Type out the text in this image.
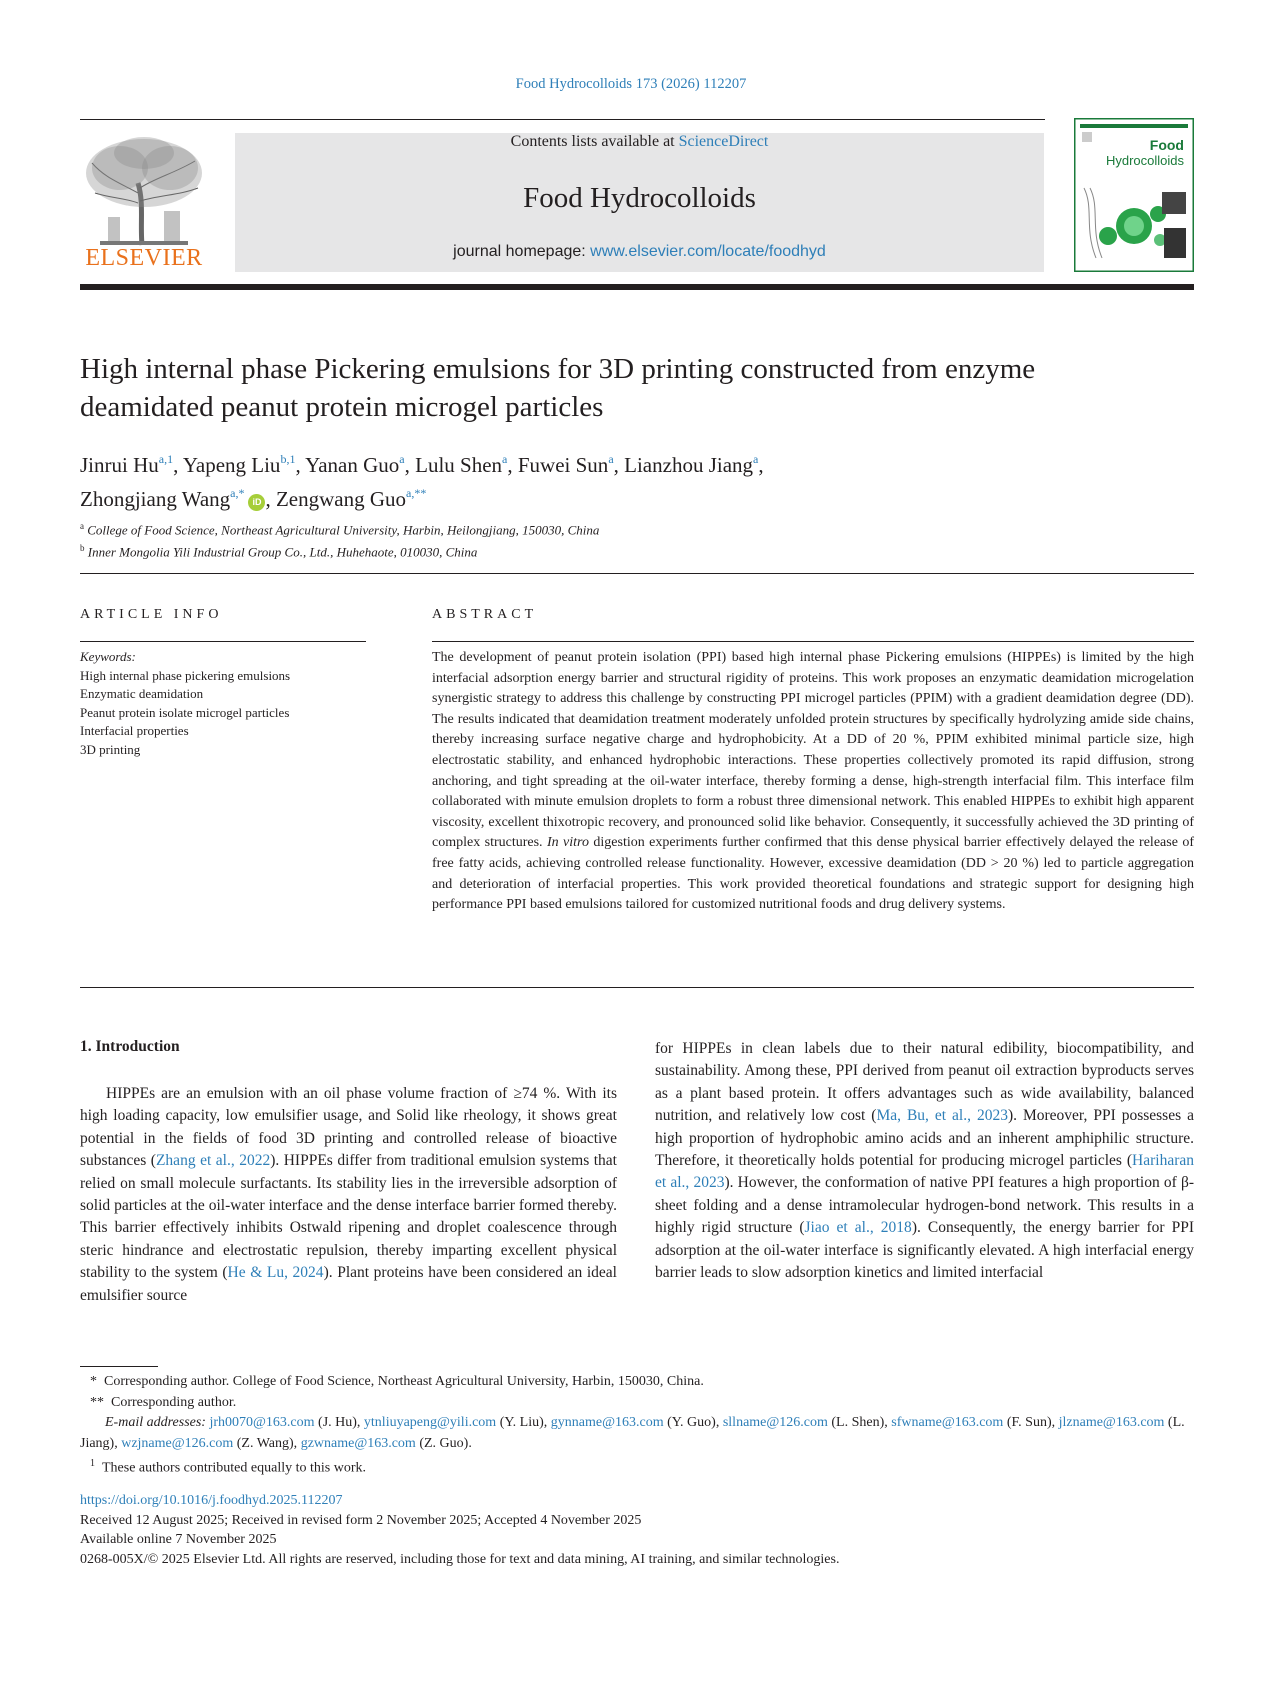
Food Hydrocolloids 173 (2026) 112207
ELSEVIER
Contents lists available at ScienceDirect
Food Hydrocolloids
journal homepage: www.elsevier.com/locate/foodhyd
Food
Hydrocolloids
High internal phase Pickering emulsions for 3D printing constructed from enzyme deamidated peanut protein microgel particles
Jinrui Hu$^{a,1}$, Yapeng Liu$^{b,1}$, Yanan Guo$^a$, Lulu Shen$^a$, Fuwei Sun$^a$, Lianzhou Jiang$^a$,
Zhongjiang Wang$^{a,*}$iD , Zengwang Guo$^{a,**}$
$^a$ College of Food Science, Northeast Agricultural University, Harbin, Heilongjiang, 150030, China
$^b$ Inner Mongolia Yili Industrial Group Co., Ltd., Huhehaote, 010030, China
ARTICLE INFO	ABSTRACT
Keywords:
High internal phase pickering emulsions
Enzymatic deamidation
Peanut protein isolate microgel particles
Interfacial properties
3D printing
The development of peanut protein isolation (PPI) based high internal phase Pickering emulsions (HIPPEs) is limited by the high interfacial adsorption energy barrier and structural rigidity of proteins. This work proposes an enzymatic deamidation microgelation synergistic strategy to address this challenge by constructing PPI microgel particles (PPIM) with a gradient deamidation degree (DD). The results indicated that deamidation treatment moderately unfolded protein structures by specifically hydrolyzing amide side chains, thereby increasing surface negative charge and hydrophobicity. At a DD of 20 %, PPIM exhibited minimal particle size, high electrostatic stability, and enhanced hydrophobic interactions. These properties collectively promoted its rapid diffusion, strong anchoring, and tight spreading at the oil-water interface, thereby forming a dense, high-strength interfacial film. This interface film collaborated with minute emulsion droplets to form a robust three dimensional network. This enabled HIPPEs to exhibit high apparent viscosity, excellent thixotropic recovery, and pronounced solid like behavior. Consequently, it successfully achieved the 3D printing of complex structures. In vitro digestion experiments further confirmed that this dense physical barrier effectively delayed the release of free fatty acids, achieving controlled release functionality. However, excessive deamidation (DD > 20 %) led to particle aggregation and deterioration of interfacial properties. This work provided theoretical foundations and strategic support for designing high performance PPI based emulsions tailored for customized nutritional foods and drug delivery systems.
1. Introduction
HIPPEs are an emulsion with an oil phase volume fraction of ≥74 %. With its high loading capacity, low emulsifier usage, and Solid like rheology, it shows great potential in the fields of food 3D printing and controlled release of bioactive substances (Zhang et al., 2022). HIPPEs differ from traditional emulsion systems that relied on small molecule surfactants. Its stability lies in the irreversible adsorption of solid particles at the oil-water interface and the dense interface barrier formed thereby. This barrier effectively inhibits Ostwald ripening and droplet coalescence through steric hindrance and electrostatic repulsion, thereby imparting excellent physical stability to the system (He & Lu, 2024). Plant proteins have been considered an ideal emulsifier source
for HIPPEs in clean labels due to their natural edibility, biocompatibility, and sustainability. Among these, PPI derived from peanut oil extraction byproducts serves as a plant based protein. It offers advantages such as wide availability, balanced nutrition, and relatively low cost (Ma, Bu, et al., 2023). Moreover, PPI possesses a high proportion of hydrophobic amino acids and an inherent amphiphilic structure. Therefore, it theoretically holds potential for producing microgel particles (Hariharan et al., 2023). However, the conformation of native PPI features a high proportion of β-sheet folding and a dense intramolecular hydrogen-bond network. This results in a highly rigid structure (Jiao et al., 2018). Consequently, the energy barrier for PPI adsorption at the oil-water interface is significantly elevated. A high interfacial energy barrier leads to slow adsorption kinetics and limited interfacial
* Corresponding author. College of Food Science, Northeast Agricultural University, Harbin, 150030, China.
** Corresponding author.
E-mail addresses: jrh0070@163.com (J. Hu), ytnliuyapeng@yili.com (Y. Liu), gynname@163.com (Y. Guo), sllname@126.com (L. Shen), sfwname@163.com (F. Sun), jlzname@163.com (L. Jiang), wzjname@126.com (Z. Wang), gzwname@163.com (Z. Guo).
$^1$ These authors contributed equally to this work.
https://doi.org/10.1016/j.foodhyd.2025.112207
Received 12 August 2025; Received in revised form 2 November 2025; Accepted 4 November 2025
Available online 7 November 2025
0268-005X/© 2025 Elsevier Ltd. All rights are reserved, including those for text and data mining, AI training, and similar technologies.
